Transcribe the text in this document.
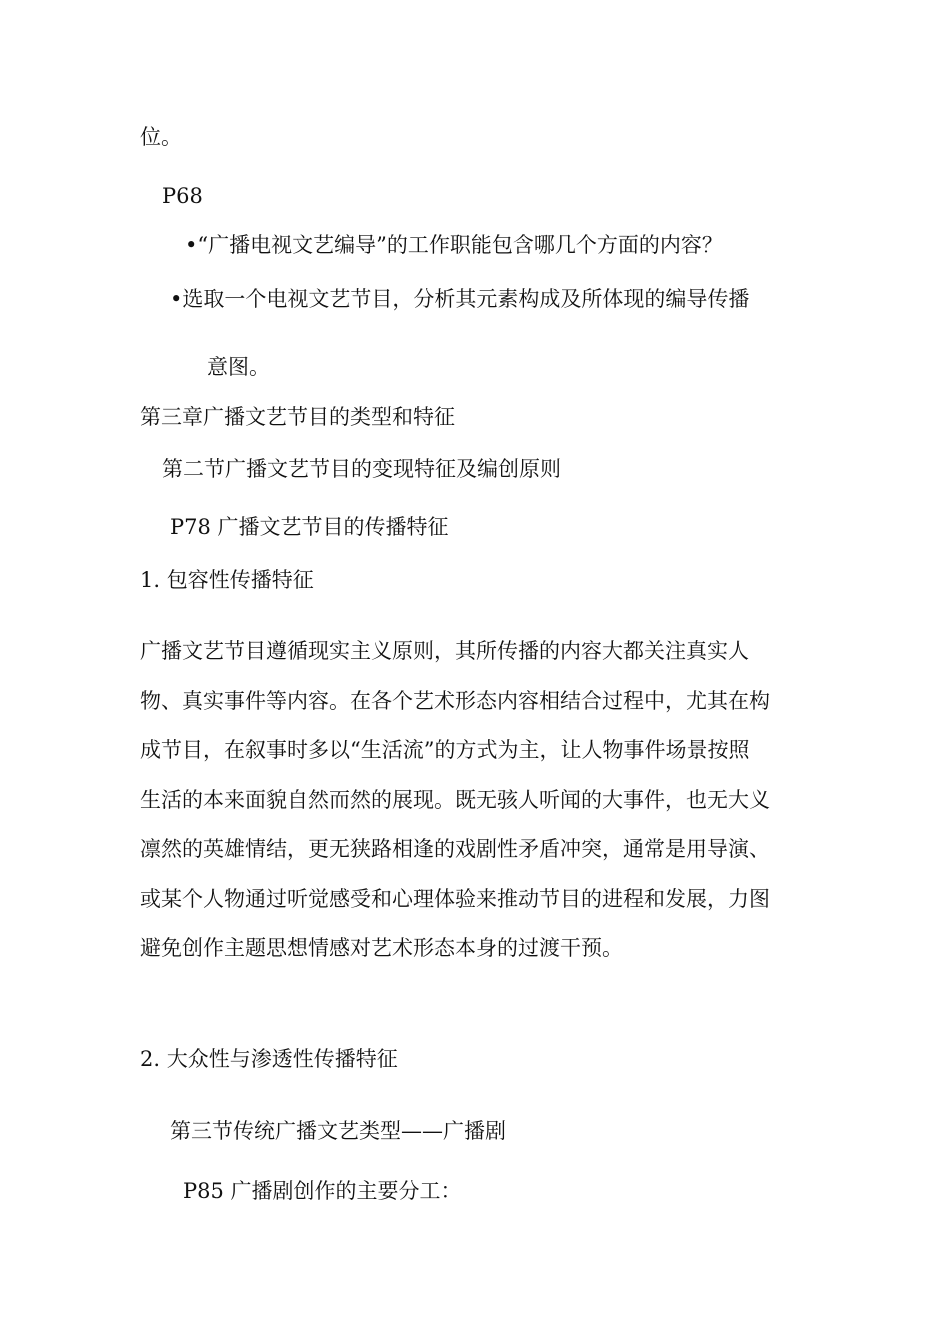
位。
P68
•“广播电视文艺编导”的工作职能包含哪几个方面的内容？
•选取一个电视文艺节目，分析其元素构成及所体现的编导传播
意图。
第三章广播文艺节目的类型和特征
第二节广播文艺节目的变现特征及编创原则
P78 广播文艺节目的传播特征
1. 包容性传播特征
广播文艺节目遵循现实主义原则，其所传播的内容大都关注真实人
物、真实事件等内容。在各个艺术形态内容相结合过程中，尤其在构
成节目，在叙事时多以“生活流”的方式为主，让人物事件场景按照
生活的本来面貌自然而然的展现。既无骇人听闻的大事件，也无大义
凛然的英雄情结，更无狭路相逢的戏剧性矛盾冲突，通常是用导演、
或某个人物通过听觉感受和心理体验来推动节目的进程和发展，力图
避免创作主题思想情感对艺术形态本身的过渡干预。
2. 大众性与渗透性传播特征
第三节传统广播文艺类型——广播剧
P85 广播剧创作的主要分工：
